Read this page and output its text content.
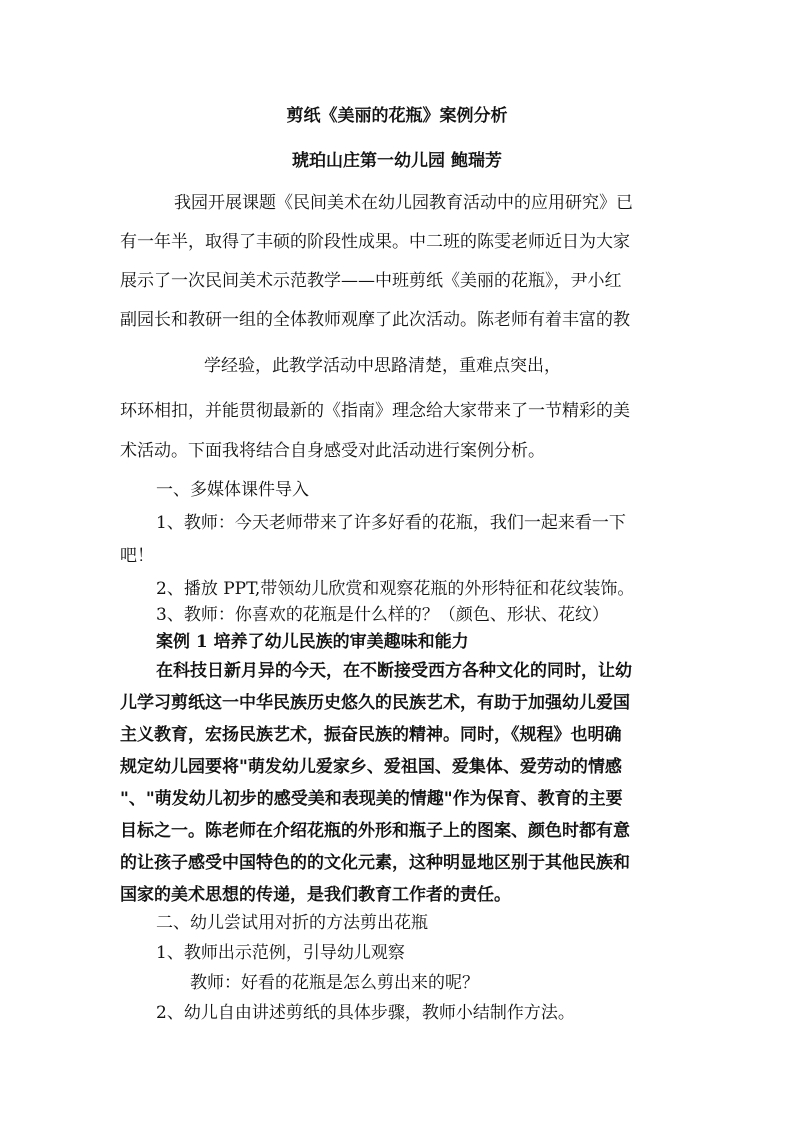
剪纸《美丽的花瓶》案例分析
琥珀山庄第一幼儿园 鲍瑞芳
我园开展课题《民间美术在幼儿园教育活动中的应用研究》已
有一年半，取得了丰硕的阶段性成果。中二班的陈雯老师近日为大家
展示了一次民间美术示范教学——中班剪纸《美丽的花瓶》，尹小红
副园长和教研一组的全体教师观摩了此次活动。陈老师有着丰富的教
学经验，此教学活动中思路清楚，重难点突出，
环环相扣，并能贯彻最新的《指南》理念给大家带来了一节精彩的美
术活动。下面我将结合自身感受对此活动进行案例分析。
一、多媒体课件导入
1、教师：今天老师带来了许多好看的花瓶，我们一起来看一下
吧！
2、播放 PPT,带领幼儿欣赏和观察花瓶的外形特征和花纹装饰。
3、教师：你喜欢的花瓶是什么样的？（颜色、形状、花纹）
案例 1 培养了幼儿民族的审美趣味和能力
在科技日新月异的今天，在不断接受西方各种文化的同时，让幼
儿学习剪纸这一中华民族历史悠久的民族艺术，有助于加强幼儿爱国
主义教育，宏扬民族艺术，振奋民族的精神。同时，《规程》也明确
规定幼儿园要将"萌发幼儿爱家乡、爱祖国、爱集体、爱劳动的情感
"、"萌发幼儿初步的感受美和表现美的情趣"作为保育、教育的主要
目标之一。陈老师在介绍花瓶的外形和瓶子上的图案、颜色时都有意
的让孩子感受中国特色的的文化元素，这种明显地区别于其他民族和
国家的美术思想的传递，是我们教育工作者的责任。
二、幼儿尝试用对折的方法剪出花瓶
1、教师出示范例，引导幼儿观察
教师：好看的花瓶是怎么剪出来的呢？
2、幼儿自由讲述剪纸的具体步骤，教师小结制作方法。
